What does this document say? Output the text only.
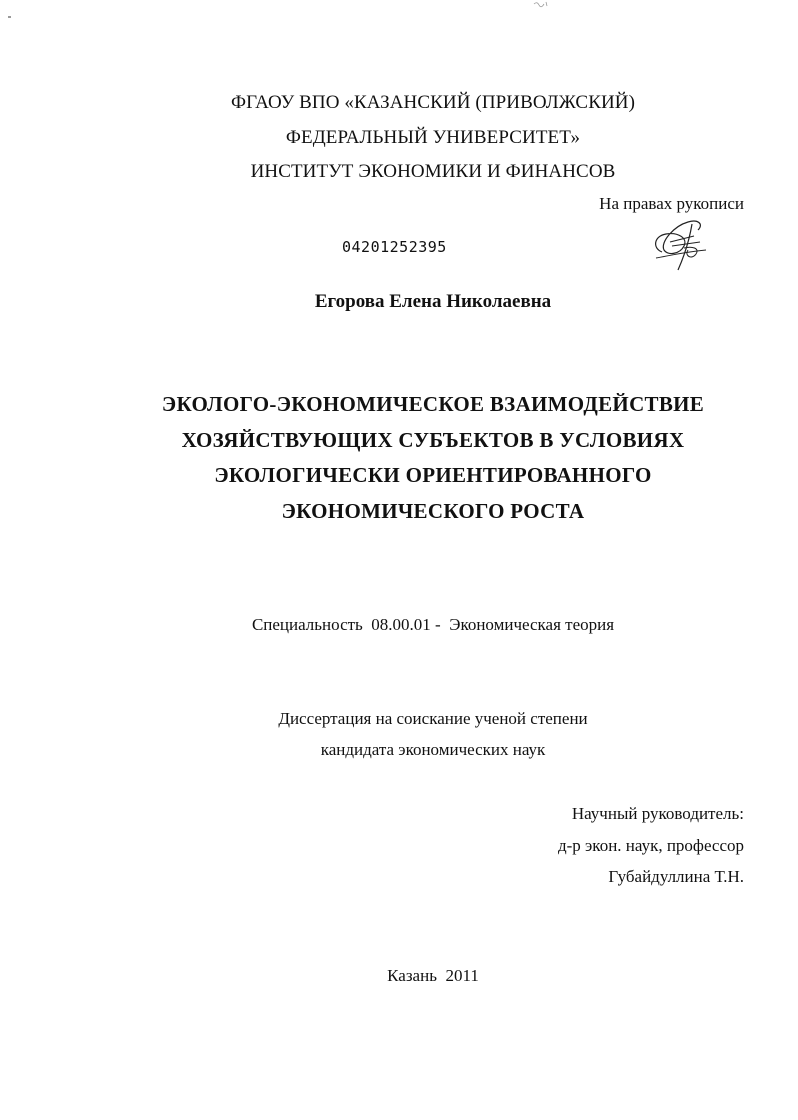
ФГАОУ ВПО «КАЗАНСКИЙ (ПРИВОЛЖСКИЙ)
ФЕДЕРАЛЬНЫЙ УНИВЕРСИТЕТ»
ИНСТИТУТ ЭКОНОМИКИ И ФИНАНСОВ
На правах рукописи
04201252395
Егорова Елена Николаевна
ЭКОЛОГО-ЭКОНОМИЧЕСКОЕ ВЗАИМОДЕЙСТВИЕ
ХОЗЯЙСТВУЮЩИХ СУБЪЕКТОВ В УСЛОВИЯХ
ЭКОЛОГИЧЕСКИ ОРИЕНТИРОВАННОГО
ЭКОНОМИЧЕСКОГО РОСТА
Специальность 08.00.01 - Экономическая теория
Диссертация на соискание ученой степени
кандидата экономических наук
Научный руководитель:
д-р экон. наук, профессор
Губайдуллина Т.Н.
Казань  2011
